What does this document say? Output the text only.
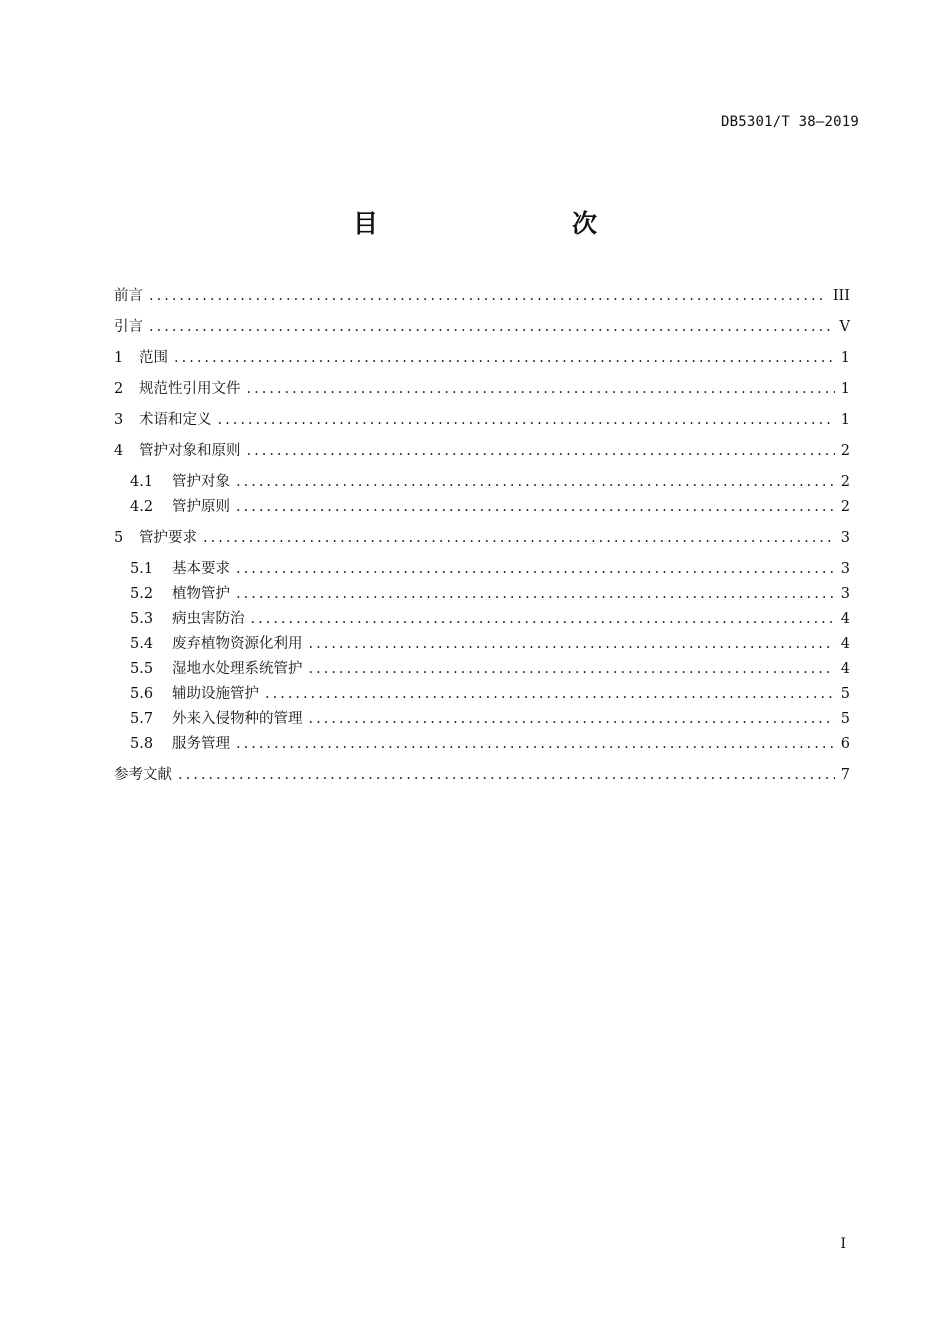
DB5301/T 38—2019
目　　次
前言 .....	III
引言 .....	V
1	范围 .....	1
2	规范性引用文件 .....	1
3	术语和定义 .....	1
4	管护对象和原则 .....	2
4.1	管护对象 .....	2
4.2	管护原则 .....	2
5	管护要求 .....	3
5.1	基本要求 .....	3
5.2	植物管护 .....	3
5.3	病虫害防治 .....	4
5.4	废弃植物资源化利用 .....	4
5.5	湿地水处理系统管护 .....	4
5.6	辅助设施管护 .....	5
5.7	外来入侵物种的管理 .....	5
5.8	服务管理 .....	6
参考文献 .....	7
I
